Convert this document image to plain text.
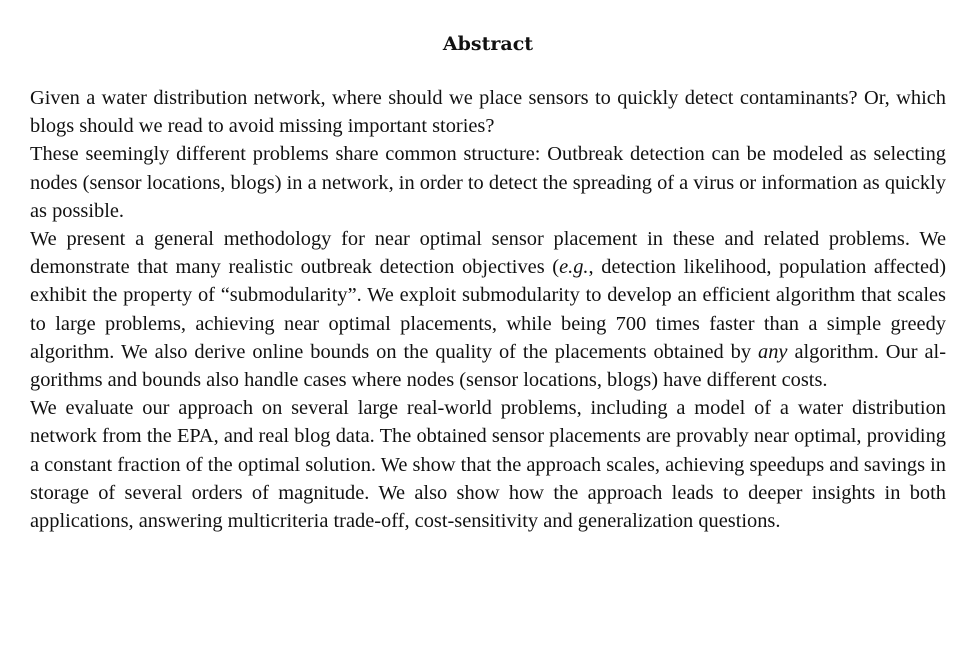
Abstract

Given a water distribution network, where should we place sensors to quickly detect contaminants? Or, which blogs should we read to avoid missing important stories?

These seemingly different problems share common structure: Outbreak detection can be modeled as selecting nodes (sensor locations, blogs) in a network, in order to detect the spreading of a virus or information as quickly as possible.

We present a general methodology for near optimal sensor placement in these and related problems. We demonstrate that many realistic outbreak detection objectives (e.g., detection likelihood, population affected) exhibit the property of “submodularity”. We exploit submodularity to develop an efficient algorithm that scales to large problems, achieving near optimal placements, while being 700 times faster than a simple greedy algorithm. We also derive online bounds on the quality of the placements obtained by any algorithm. Our algorithms and bounds also handle cases where nodes (sensor locations, blogs) have different costs.

We evaluate our approach on several large real-world problems, including a model of a water distribution network from the EPA, and real blog data. The obtained sensor placements are provably near optimal, providing a constant fraction of the optimal solution. We show that the approach scales, achieving speedups and savings in storage of several orders of magnitude. We also show how the approach leads to deeper insights in both applications, answering multicriteria trade-off, cost-sensitivity and generalization questions.
